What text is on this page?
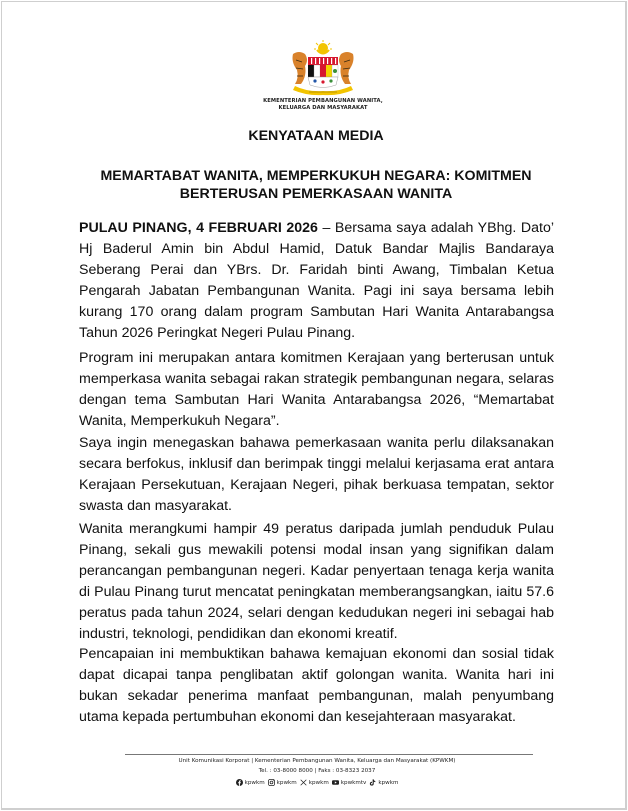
KEMENTERIAN PEMBANGUNAN WANITA,
KELUARGA DAN MASYARAKAT
KENYATAAN MEDIA
MEMARTABAT WANITA, MEMPERKUKUH NEGARA: KOMITMEN
BERTERUSAN PEMERKASAAN WANITA

PULAU PINANG, 4 FEBRUARI 2026 – Bersama saya adalah YBhg. Dato’ Hj Baderul Amin bin Abdul Hamid, Datuk Bandar Majlis Bandaraya Seberang Perai dan YBrs. Dr. Faridah binti Awang, Timbalan Ketua Pengarah Jabatan Pembangunan Wanita. Pagi ini saya bersama lebih kurang 170 orang dalam program Sambutan Hari Wanita Antarabangsa Tahun 2026 Peringkat Negeri Pulau Pinang.

Program ini merupakan antara komitmen Kerajaan yang berterusan untuk memperkasa wanita sebagai rakan strategik pembangunan negara, selaras dengan tema Sambutan Hari Wanita Antarabangsa 2026, “Memartabat Wanita, Memperkukuh Negara”.

Saya ingin menegaskan bahawa pemerkasaan wanita perlu dilaksanakan secara berfokus, inklusif dan berimpak tinggi melalui kerjasama erat antara Kerajaan Persekutuan, Kerajaan Negeri, pihak berkuasa tempatan, sektor swasta dan masyarakat.

Wanita merangkumi hampir 49 peratus daripada jumlah penduduk Pulau Pinang, sekali gus mewakili potensi modal insan yang signifikan dalam perancangan pembangunan negeri. Kadar penyertaan tenaga kerja wanita di Pulau Pinang turut mencatat peningkatan memberangsangkan, iaitu 57.6 peratus pada tahun 2024, selari dengan kedudukan negeri ini sebagai hab industri, teknologi, pendidikan dan ekonomi kreatif.

Pencapaian ini membuktikan bahawa kemajuan ekonomi dan sosial tidak dapat dicapai tanpa penglibatan aktif golongan wanita. Wanita hari ini bukan sekadar penerima manfaat pembangunan, malah penyumbang utama kepada pertumbuhan ekonomi dan kesejahteraan masyarakat.

Unit Komunikasi Korporat | Kementerian Pembangunan Wanita, Keluarga dan Masyarakat (KPWKM)
Tel. : 03-8000 8000 | Faks : 03-8323 2037
kpwkm kpwkm kpwkm kpwkmtv kpwkm
